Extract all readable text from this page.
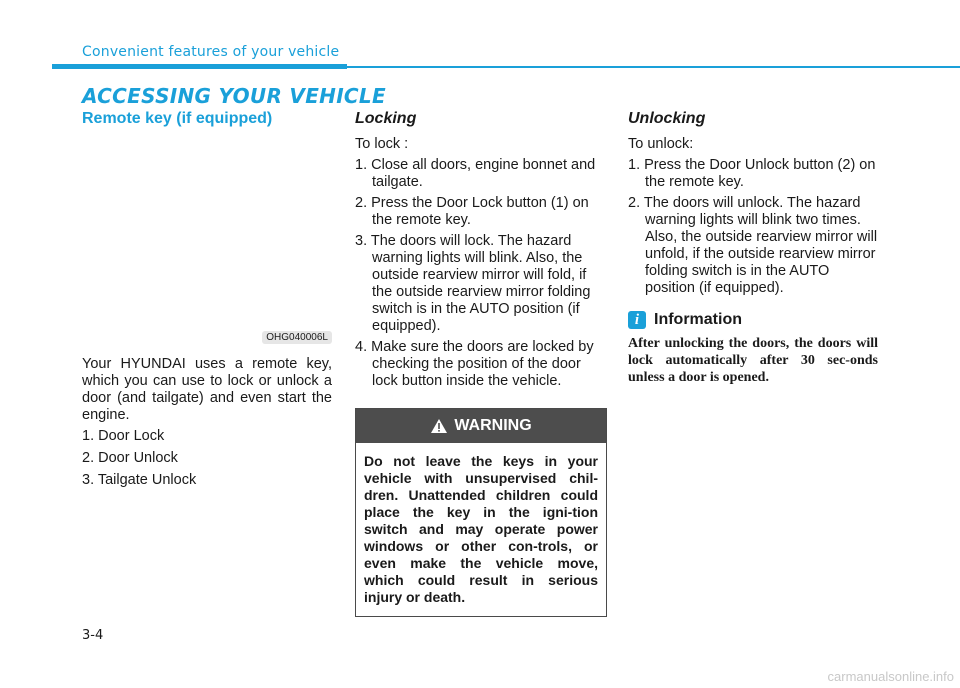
Convenient features of your vehicle
ACCESSING YOUR VEHICLE
Remote key (if equipped)
OHG040006L

Your HYUNDAI uses a remote key, which you can use to lock or unlock a door (and tailgate) and even start the engine.

1. Door Lock
2. Door Unlock
3. Tailgate Unlock
Locking

To lock :

1. Close all doors, engine bonnet and tailgate.
2. Press the Door Lock button (1) on the remote key.
3. The doors will lock. The hazard warning lights will blink. Also, the outside rearview mirror will fold, if the outside rearview mirror folding switch is in the AUTO position (if equipped).
4. Make sure the doors are locked by checking the position of the door lock button inside the vehicle.
WARNING
Do not leave the keys in your vehicle with unsupervised chil-dren. Unattended children could place the key in the igni-tion switch and may operate power windows or other con-trols, or even make the vehicle move, which could result in serious injury or death.
Unlocking

To unlock:

1. Press the Door Unlock button (2) on the remote key.
2. The doors will unlock. The hazard warning lights will blink two times. Also, the outside rearview mirror will unfold, if the outside rearview mirror folding switch is in the AUTO position (if equipped).
i Information

After unlocking the doors, the doors will lock automatically after 30 sec-onds unless a door is opened.

3-4
carmanualsonline.info
